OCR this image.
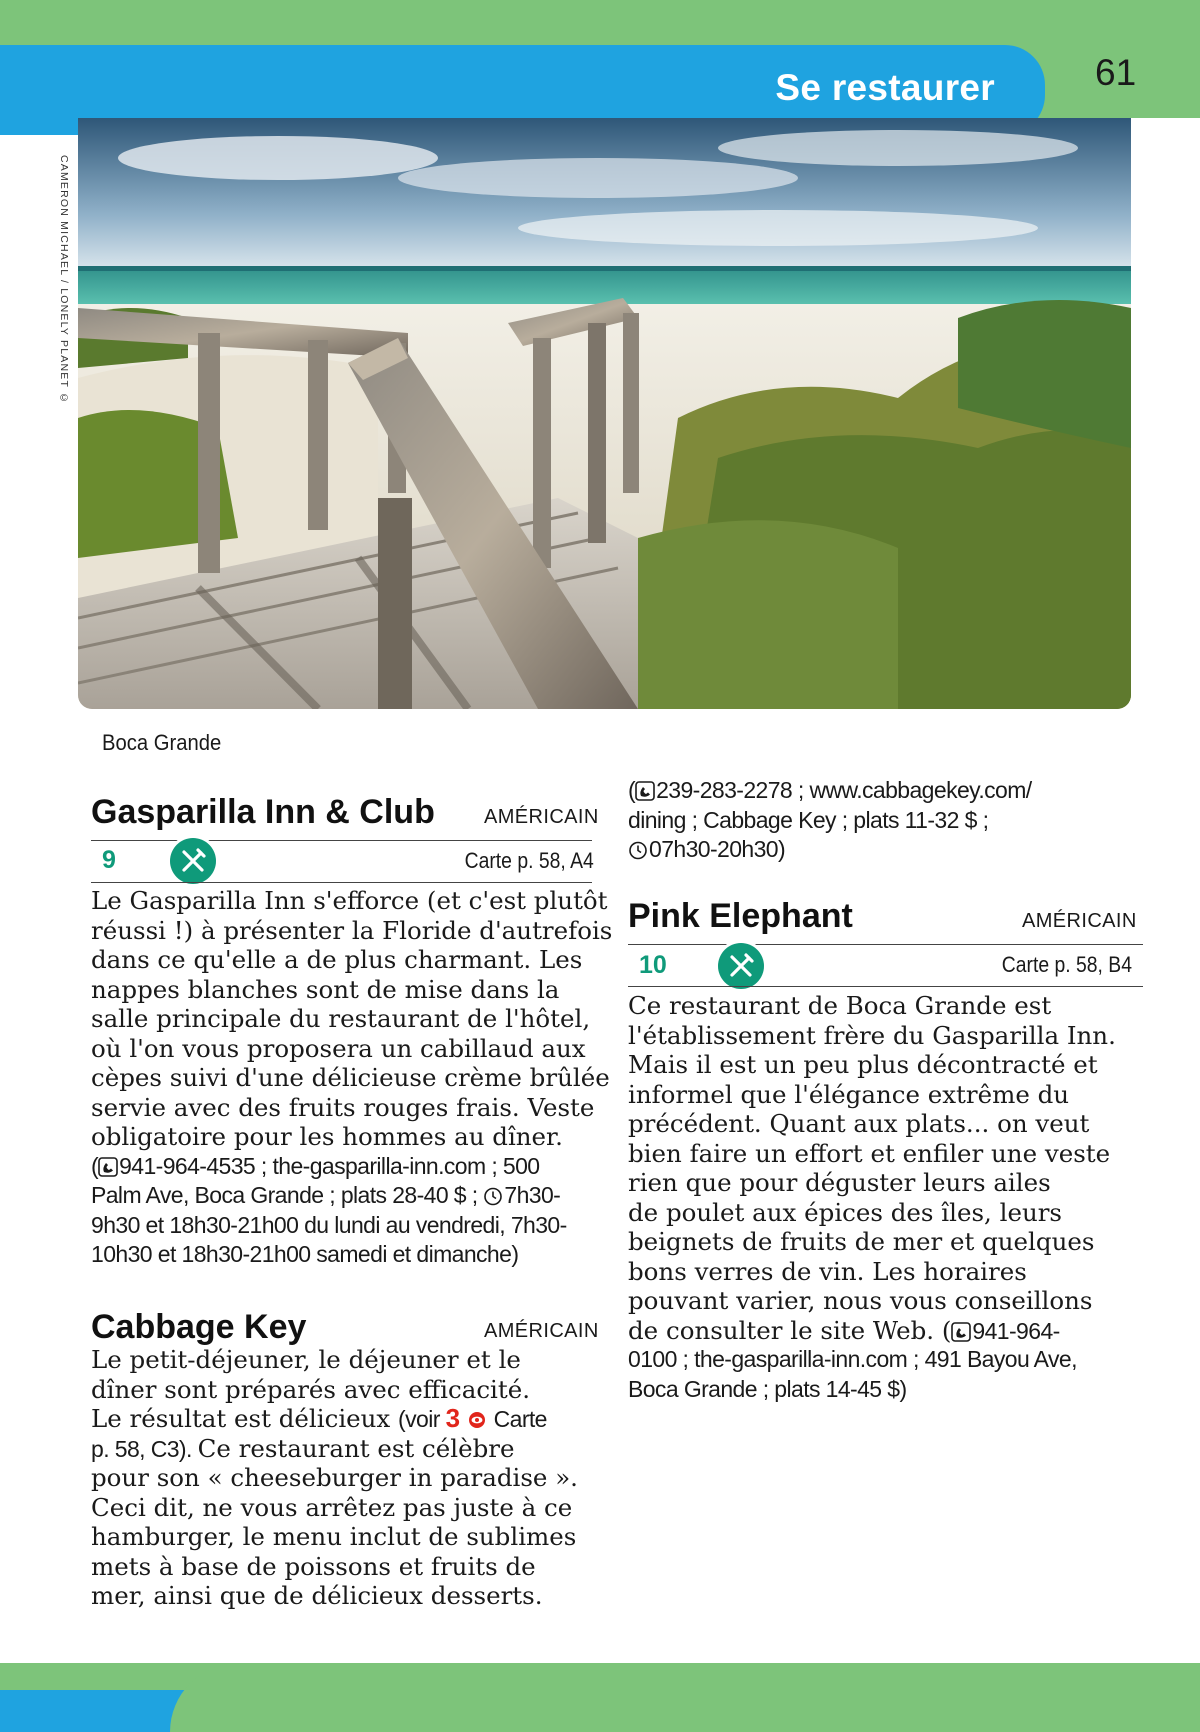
Se restaurer	61
CAMERON MICHAEL / LONELY PLANET ©
Boca Grande
Gasparilla Inn & Club AMÉRICAIN
9	Carte p. 58, A4
Le Gasparilla Inn s'efforce (et c'est plutôt
réussi !) à présenter la Floride d'autrefois
dans ce qu'elle a de plus charmant. Les
nappes blanches sont de mise dans la
salle principale du restaurant de l'hôtel,
où l'on vous proposera un cabillaud aux
cèpes suivi d'une délicieuse crème brûlée
servie avec des fruits rouges frais. Veste
obligatoire pour les hommes au dîner.
( 941-964-4535 ; the-gasparilla-inn.com ; 500
Palm Ave, Boca Grande ; plats 28-40 $ ; 7h30-
9h30 et 18h30-21h00 du lundi au vendredi, 7h30-
10h30 et 18h30-21h00 samedi et dimanche)
Cabbage Key	AMÉRICAIN
Le petit-déjeuner, le déjeuner et le
dîner sont préparés avec efficacité.
Le résultat est délicieux (voir 3 Carte
p. 58, C3). Ce restaurant est célèbre
pour son « cheeseburger in paradise ».
Ceci dit, ne vous arrêtez pas juste à ce
hamburger, le menu inclut de sublimes
mets à base de poissons et fruits de
mer, ainsi que de délicieux desserts.
( 239-283-2278 ; www.cabbagekey.com/
dining ; Cabbage Key ; plats 11-32 $ ;
07h30-20h30)
Pink Elephant	AMÉRICAIN
10	Carte p. 58, B4
Ce restaurant de Boca Grande est
l'établissement frère du Gasparilla Inn.
Mais il est un peu plus décontracté et
informel que l'élégance extrême du
précédent. Quant aux plats... on veut
bien faire un effort et enfiler une veste
rien que pour déguster leurs ailes
de poulet aux épices des îles, leurs
beignets de fruits de mer et quelques
bons verres de vin. Les horaires
pouvant varier, nous vous conseillons
de consulter le site Web. ( 941-964-
0100 ; the-gasparilla-inn.com ; 491 Bayou Ave,
Boca Grande ; plats 14-45 $)
